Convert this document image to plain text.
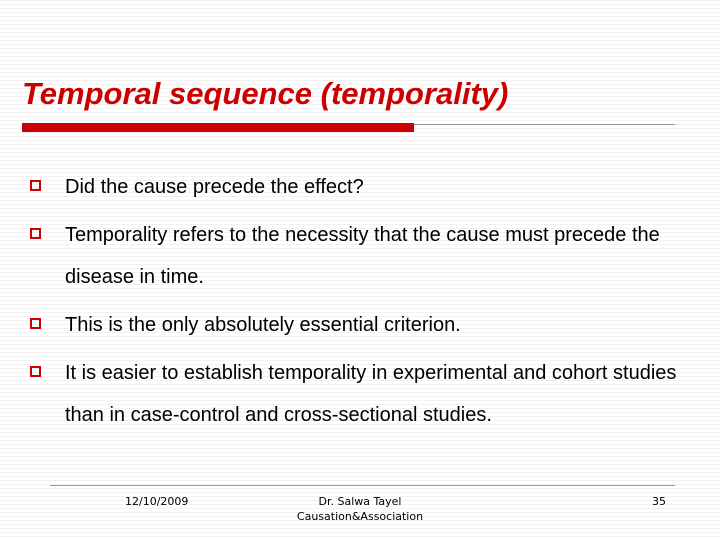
Temporal sequence (temporality)
Did the cause precede the effect?
Temporality refers to the necessity that the cause must precede the disease in time.
This is the only absolutely essential criterion.
It is easier to establish temporality in experimental and cohort studies than in case-control and cross-sectional studies.
12/10/2009	Dr. Salwa Tayel
Causation&Association
35
